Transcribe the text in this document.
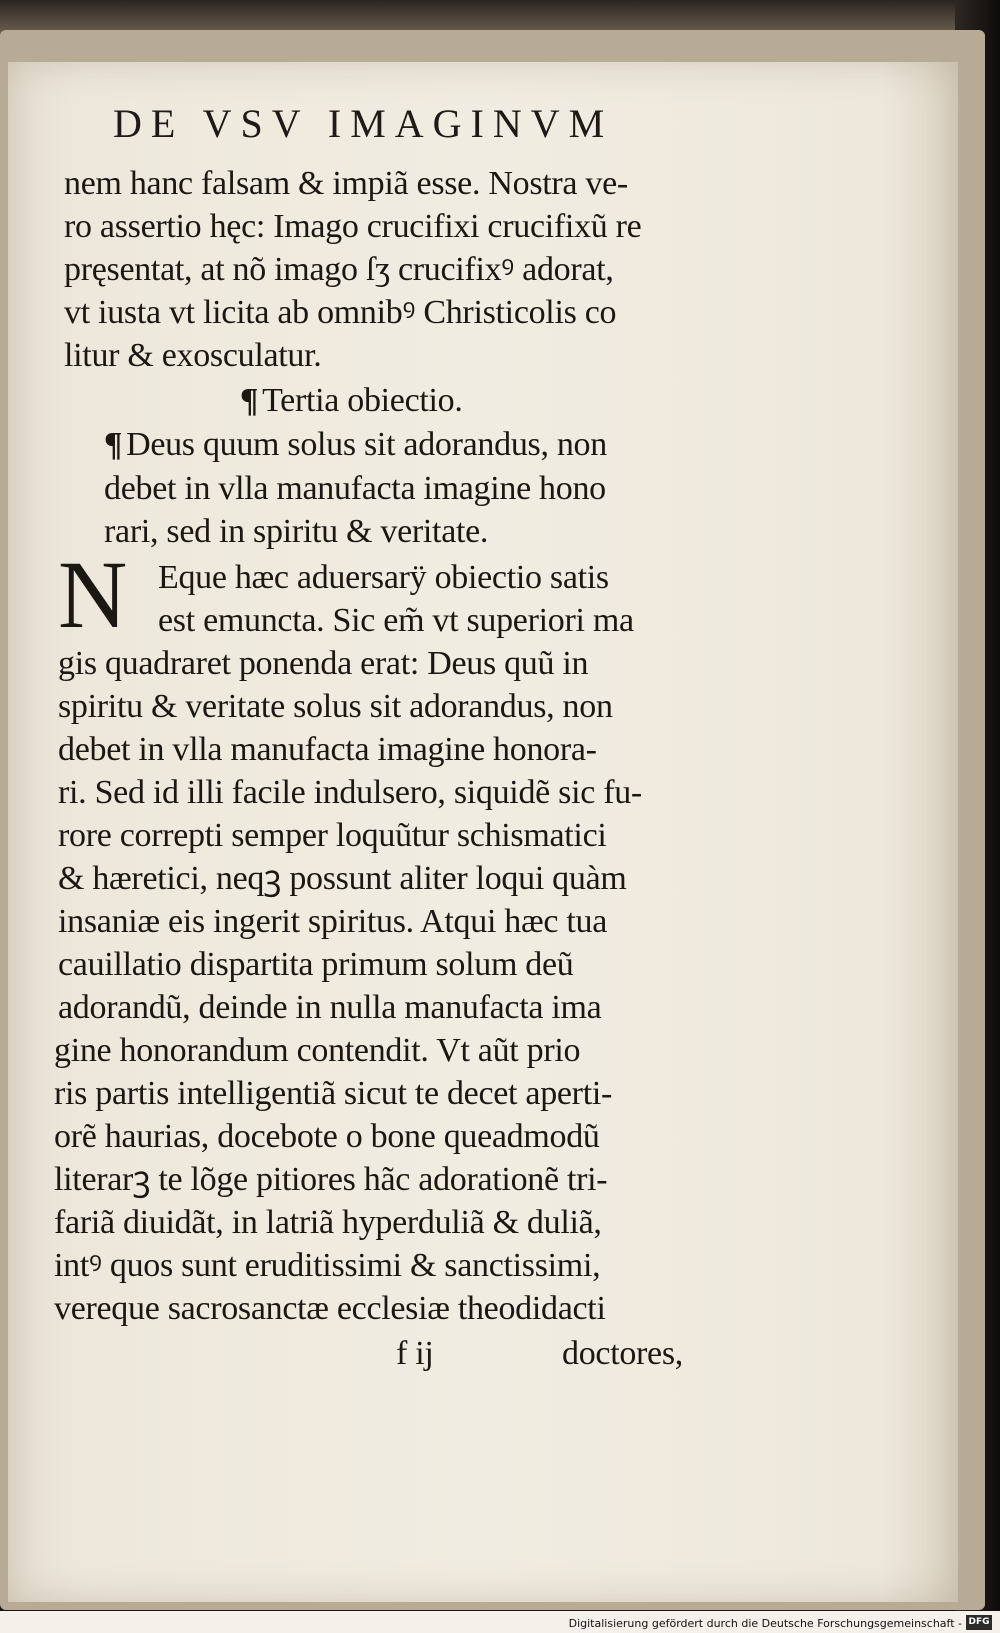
DE VSV IMAGINVM
nem hanc falsam & impiã esse. Nostra ve-
ro assertio hęc: Imago crucifixi crucifixũ re
pręsentat, at nõ imago ſʒ crucifixꝰ adorat,
vt iusta vt licita ab omnibꝰ Christicolis co
litur & exosculatur.
¶ Tertia obiectio.
¶ Deus quum solus sit adorandus, non
debet in vlla manufacta imagine hono
rari, sed in spiritu & veritate.
N Eque hæc aduersarÿ obiectio satis
est emuncta. Sic em̃ vt superiori ma
gis quadraret ponenda erat: Deus quũ in
spiritu & veritate solus sit adorandus, non
debet in vlla manufacta imagine honora-
ri. Sed id illi facile indulsero, siquidẽ sic fu-
rore correpti semper loquũtur schismatici
& hæretici, neqꝫ possunt aliter loqui quàm
insaniæ eis ingerit spiritus. Atqui hæc tua
cauillatio dispartita primum solum deũ
adorandũ, deinde in nulla manufacta ima
gine honorandum contendit. Vt aũt prio
ris partis intelligentiã sicut te decet aperti-
orẽ haurias, docebote o bone queadmodũ
literarꝫ te lõge pitiores hãc adorationẽ tri-
fariã diuidãt, in latriã hyperduliã & duliã,
intꝰ quos sunt eruditissimi & sanctissimi,
vereque sacrosanctæ ecclesiæ theodidacti
f ij	doctores,
Digitalisierung gefördert durch die Deutsche Forschungsgemeinschaft - DFG
